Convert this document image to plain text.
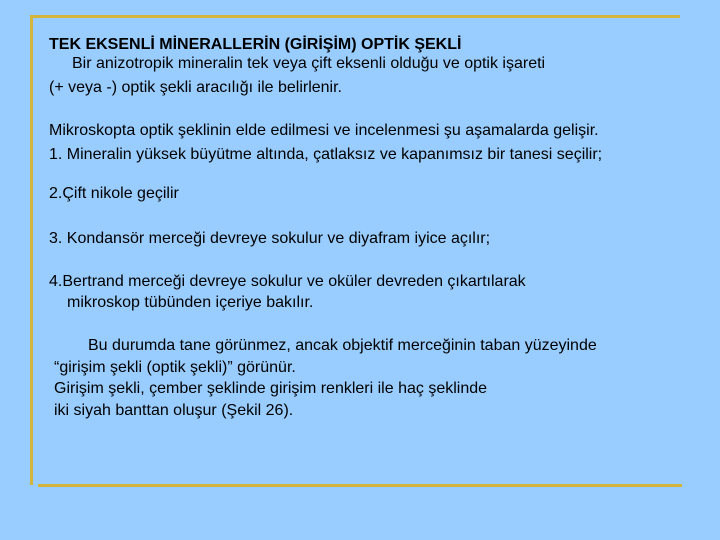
TEK EKSENLİ MİNERALLERİN (GİRİŞİM) OPTİK ŞEKLİ
Bir anizotropik mineralin tek veya çift eksenli olduğu ve optik işareti
(+ veya -) optik şekli aracılığı ile belirlenir.
Mikroskopta optik şeklinin elde edilmesi ve incelenmesi şu aşamalarda gelişir.
1. Mineralin yüksek büyütme altında, çatlaksız ve kapanımsız bir tanesi seçilir;
2.Çift nikole geçilir
3. Kondansör merceği devreye sokulur ve diyafram iyice açılır;
4.Bertrand merceği devreye sokulur ve oküler devreden çıkartılarak
mikroskop tübünden içeriye bakılır.
Bu durumda tane görünmez, ancak objektif merceğinin taban yüzeyinde
“girişim şekli (optik şekli)” görünür.
Girişim şekli, çember şeklinde girişim renkleri ile haç şeklinde
iki siyah banttan oluşur (Şekil 26).
